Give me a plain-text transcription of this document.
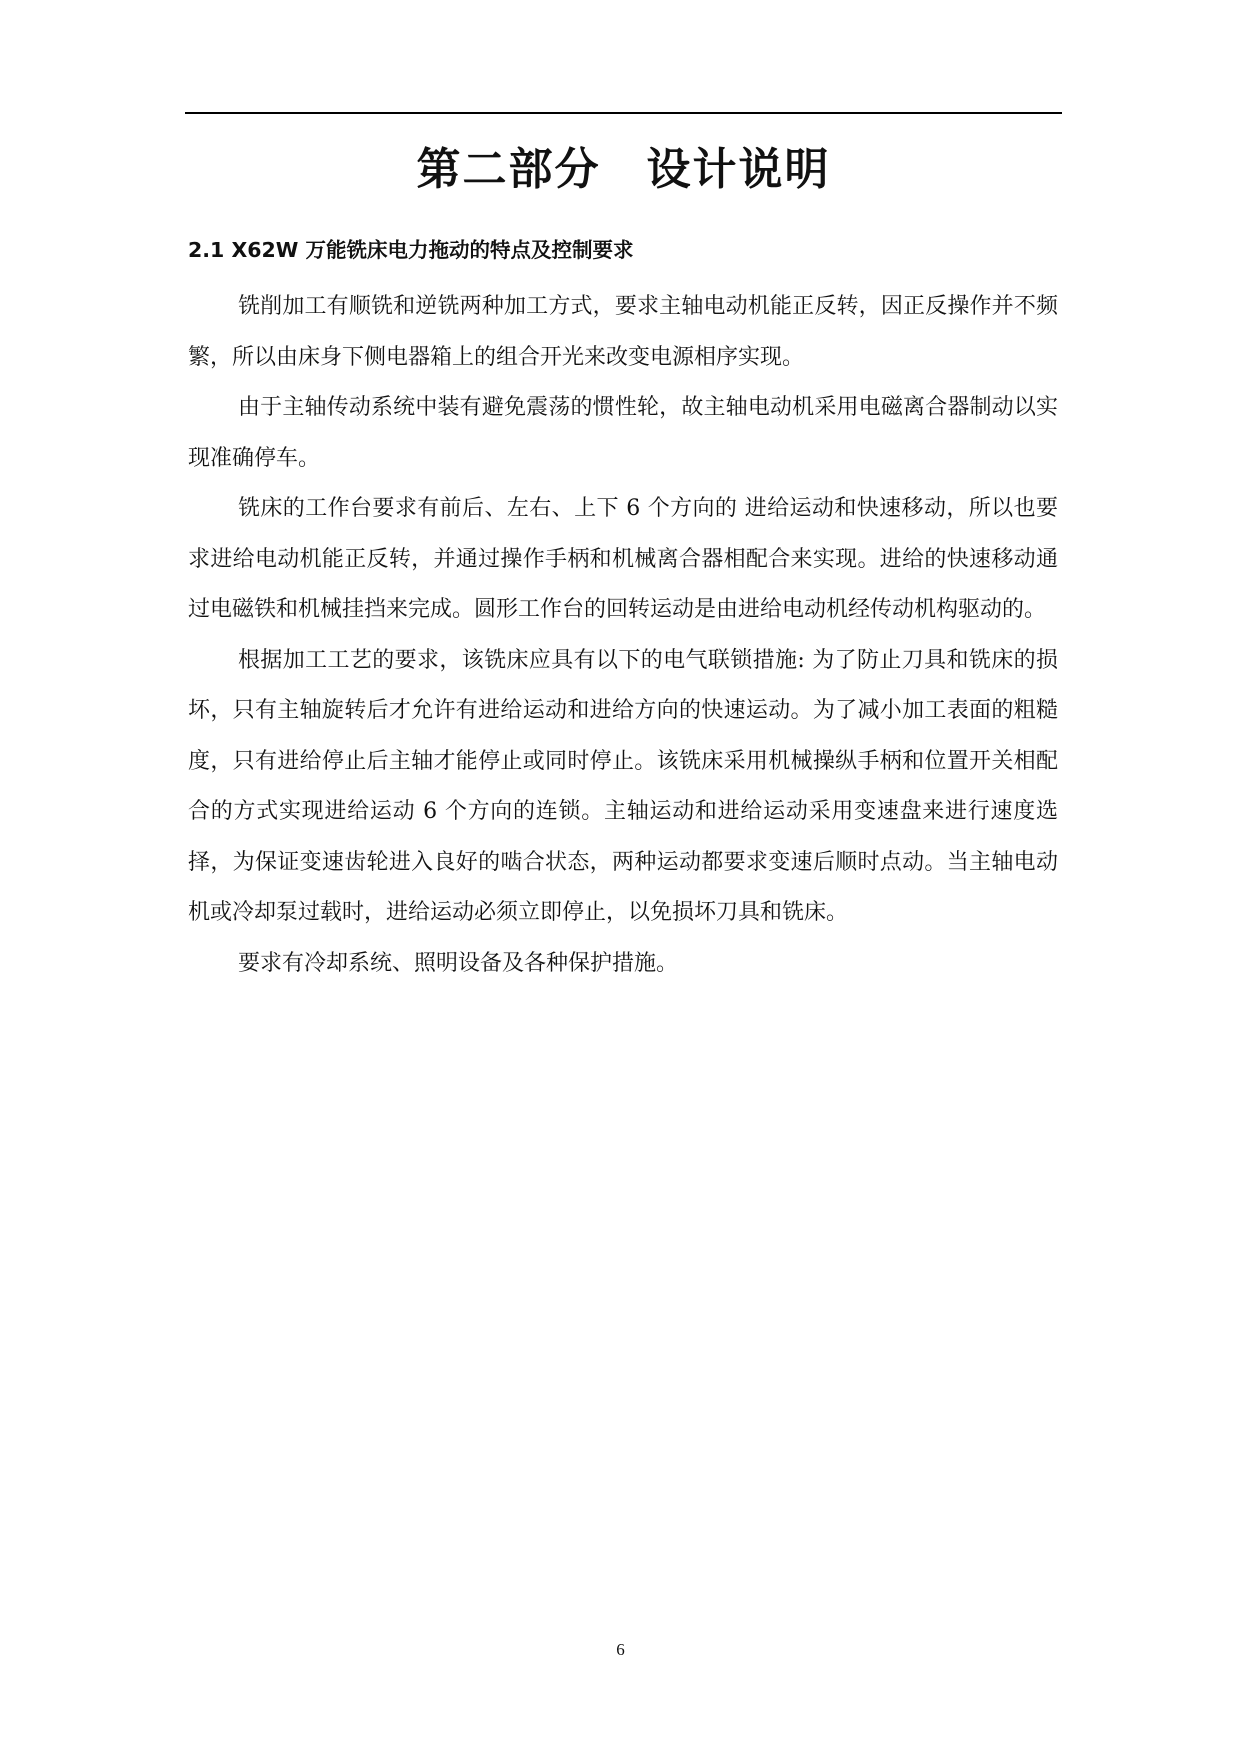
第二部分　设计说明
2.1 X62W 万能铣床电力拖动的特点及控制要求

铣削加工有顺铣和逆铣两种加工方式，要求主轴电动机能正反转，因正反操作并不频繁，所以由床身下侧电器箱上的组合开光来改变电源相序实现。

由于主轴传动系统中装有避免震荡的惯性轮，故主轴电动机采用电磁离合器制动以实现准确停车。

铣床的工作台要求有前后、左右、上下 6 个方向的 进给运动和快速移动，所以也要求进给电动机能正反转，并通过操作手柄和机械离合器相配合来实现。进给的快速移动通过电磁铁和机械挂挡来完成。圆形工作台的回转运动是由进给电动机经传动机构驱动的。

根据加工工艺的要求，该铣床应具有以下的电气联锁措施: 为了防止刀具和铣床的损坏，只有主轴旋转后才允许有进给运动和进给方向的快速运动。为了减小加工表面的粗糙度，只有进给停止后主轴才能停止或同时停止。该铣床采用机械操纵手柄和位置开关相配合的方式实现进给运动 6 个方向的连锁。主轴运动和进给运动采用变速盘来进行速度选择，为保证变速齿轮进入良好的啮合状态，两种运动都要求变速后顺时点动。当主轴电动机或冷却泵过载时，进给运动必须立即停止，以免损坏刀具和铣床。

要求有冷却系统、照明设备及各种保护措施。

6
